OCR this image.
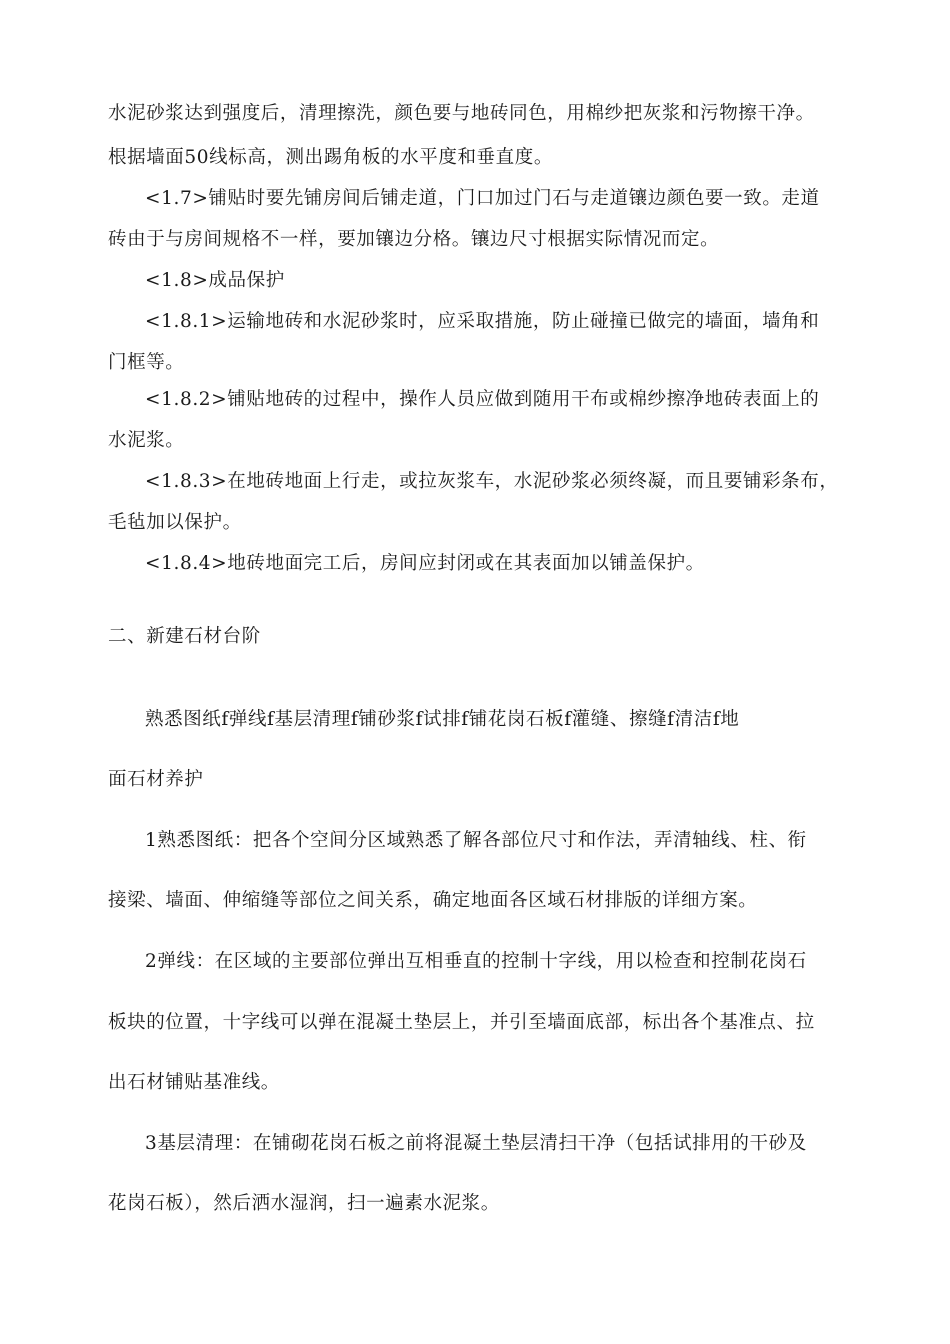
水泥砂浆达到强度后，清理擦洗，颜色要与地砖同色，用棉纱把灰浆和污物擦干净。
根据墙面50线标高，测出踢角板的水平度和垂直度。
<1.7>铺贴时要先铺房间后铺走道，门口加过门石与走道镶边颜色要一致。走道
砖由于与房间规格不一样，要加镶边分格。镶边尺寸根据实际情况而定。
<1.8>成品保护
<1.8.1>运输地砖和水泥砂浆时，应采取措施，防止碰撞已做完的墙面，墙角和
门框等。
<1.8.2>铺贴地砖的过程中，操作人员应做到随用干布或棉纱擦净地砖表面上的
水泥浆。
<1.8.3>在地砖地面上行走，或拉灰浆车，水泥砂浆必须终凝，而且要铺彩条布，
毛毡加以保护。
<1.8.4>地砖地面完工后，房间应封闭或在其表面加以铺盖保护。
二、新建石材台阶
熟悉图纸f弹线f基层清理f铺砂浆f试排f铺花岗石板f灌缝、擦缝f清洁f地
面石材养护
1熟悉图纸：把各个空间分区域熟悉了解各部位尺寸和作法，弄清轴线、柱、衔
接梁、墙面、伸缩缝等部位之间关系，确定地面各区域石材排版的详细方案。
2弹线：在区域的主要部位弹出互相垂直的控制十字线，用以检查和控制花岗石
板块的位置，十字线可以弹在混凝土垫层上，并引至墙面底部，标出各个基准点、拉
出石材铺贴基准线。
3基层清理：在铺砌花岗石板之前将混凝土垫层清扫干净（包括试排用的干砂及
花岗石板），然后洒水湿润，扫一遍素水泥浆。
